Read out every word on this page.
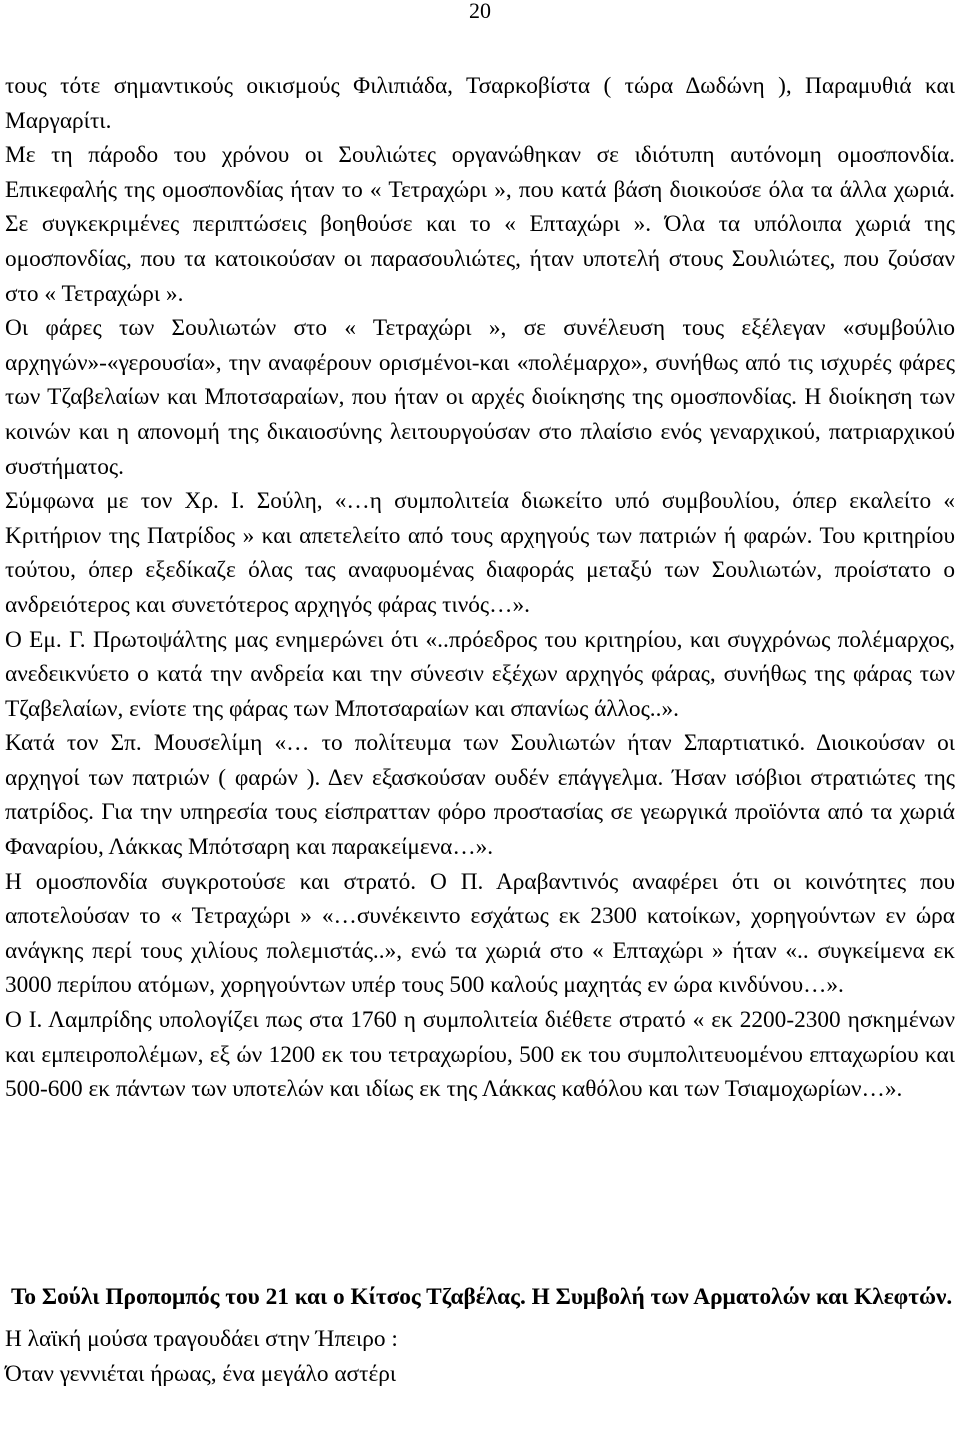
20

τους τότε σημαντικούς οικισμούς Φιλιπιάδα, Τσαρκοβίστα ( τώρα Δωδώνη ), Παραμυθιά και Μαργαρίτι.

Με τη πάροδο του χρόνου οι Σουλιώτες οργανώθηκαν σε ιδιότυπη αυτόνομη ομοσπονδία. Επικεφαλής της ομοσπονδίας ήταν το « Τετραχώρι », που κατά βάση διοικούσε όλα τα άλλα χωριά. Σε συγκεκριμένες περιπτώσεις βοηθούσε και το « Επταχώρι ». Όλα τα υπόλοιπα χωριά της ομοσπονδίας, που τα κατοικούσαν οι παρασουλιώτες, ήταν υποτελή στους Σουλιώτες, που ζούσαν στο « Τετραχώρι ».

Οι φάρες των Σουλιωτών στο « Τετραχώρι », σε συνέλευση τους εξέλεγαν «συμβούλιο αρχηγών»-«γερουσία», την αναφέρουν ορισμένοι-και «πολέμαρχο», συνήθως από τις ισχυρές φάρες των Τζαβελαίων και Μποτσαραίων, που ήταν οι αρχές διοίκησης της ομοσπονδίας. Η διοίκηση των κοινών και η απονομή της δικαιοσύνης λειτουργούσαν στο πλαίσιο ενός γεναρχικού, πατριαρχικού συστήματος.

Σύμφωνα με τον Χρ. Ι. Σούλη, «…η συμπολιτεία διωκείτο υπό συμβουλίου, όπερ εκαλείτο « Κριτήριον της Πατρίδος » και απετελείτο από τους αρχηγούς των πατριών ή φαρών. Του κριτηρίου τούτου, όπερ εξεδίκαζε όλας τας αναφυομένας διαφοράς μεταξύ των Σουλιωτών, προίστατο ο ανδρειότερος και συνετότερος αρχηγός φάρας τινός…».

Ο Εμ. Γ. Πρωτοψάλτης μας ενημερώνει ότι «..πρόεδρος του κριτηρίου, και συγχρόνως πολέμαρχος, ανεδεικνύετο ο κατά την ανδρεία και την σύνεσιν εξέχων αρχηγός φάρας, συνήθως της φάρας των Τζαβελαίων, ενίοτε της φάρας των Μποτσαραίων και σπανίως άλλος..».

Κατά τον Σπ. Μουσελίμη «… το πολίτευμα των Σουλιωτών ήταν Σπαρτιατικό. Διοικούσαν οι αρχηγοί των πατριών ( φαρών ). Δεν εξασκούσαν ουδέν επάγγελμα. Ήσαν ισόβιοι στρατιώτες της πατρίδος. Για την υπηρεσία τους είσπρατταν φόρο προστασίας σε γεωργικά προϊόντα από τα χωριά Φαναρίου, Λάκκας Μπότσαρη και παρακείμενα…».

Η ομοσπονδία συγκροτούσε και στρατό. Ο Π. Αραβαντινός αναφέρει ότι οι κοινότητες που αποτελούσαν το « Τετραχώρι » «…συνέκειντο εσχάτως εκ 2300 κατοίκων, χορηγούντων εν ώρα ανάγκης περί τους χιλίους πολεμιστάς..», ενώ τα χωριά στο « Επταχώρι » ήταν «.. συγκείμενα εκ 3000 περίπου ατόμων, χορηγούντων υπέρ τους 500 καλούς μαχητάς εν ώρα κινδύνου…».

Ο Ι. Λαμπρίδης υπολογίζει πως στα 1760 η συμπολιτεία διέθετε στρατό « εκ 2200-2300 ησκημένων και εμπειροπολέμων, εξ ών 1200 εκ του τετραχωρίου, 500 εκ του συμπολιτευομένου επταχωρίου και 500-600 εκ πάντων των υποτελών και ιδίως εκ της Λάκκας καθόλου και των Τσιαμοχωρίων…».

Το Σούλι Προπομπός του 21 και ο Κίτσος Τζαβέλας. Η Συμβολή των Αρματολών και Κλεφτών.

Η λαϊκή μούσα τραγουδάει στην Ήπειρο :

Όταν γεννιέται ήρωας, ένα μεγάλο αστέρι
